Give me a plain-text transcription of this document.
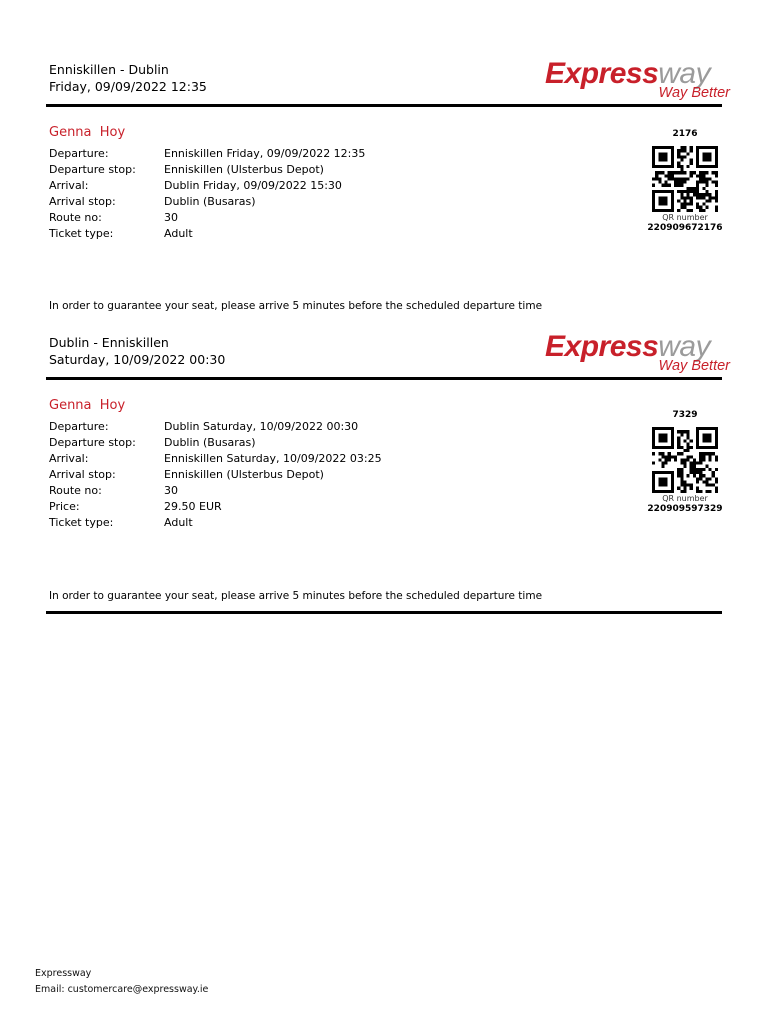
Enniskillen - Dublin
Friday, 09/09/2022 12:35	Expressway
Way Better
Genna  Hoy
Departure:	Enniskillen Friday, 09/09/2022 12:35
Departure stop:	Enniskillen (Ulsterbus Depot)
Arrival:	Dublin Friday, 09/09/2022 15:30
Arrival stop:	Dublin (Busaras)
Route no:	30
Ticket type:	Adult
2176
QR number
220909672176
In order to guarantee your seat, please arrive 5 minutes before the scheduled departure time
Dublin - Enniskillen
Saturday, 10/09/2022 00:30	Expressway
Way Better
Genna  Hoy
Departure:	Dublin Saturday, 10/09/2022 00:30
Departure stop:	Dublin (Busaras)
Arrival:	Enniskillen Saturday, 10/09/2022 03:25
Arrival stop:	Enniskillen (Ulsterbus Depot)
Route no:	30
Price:	29.50 EUR
Ticket type:	Adult
7329
QR number
220909597329
In order to guarantee your seat, please arrive 5 minutes before the scheduled departure time
Expressway
Email: customercare@expressway.ie
